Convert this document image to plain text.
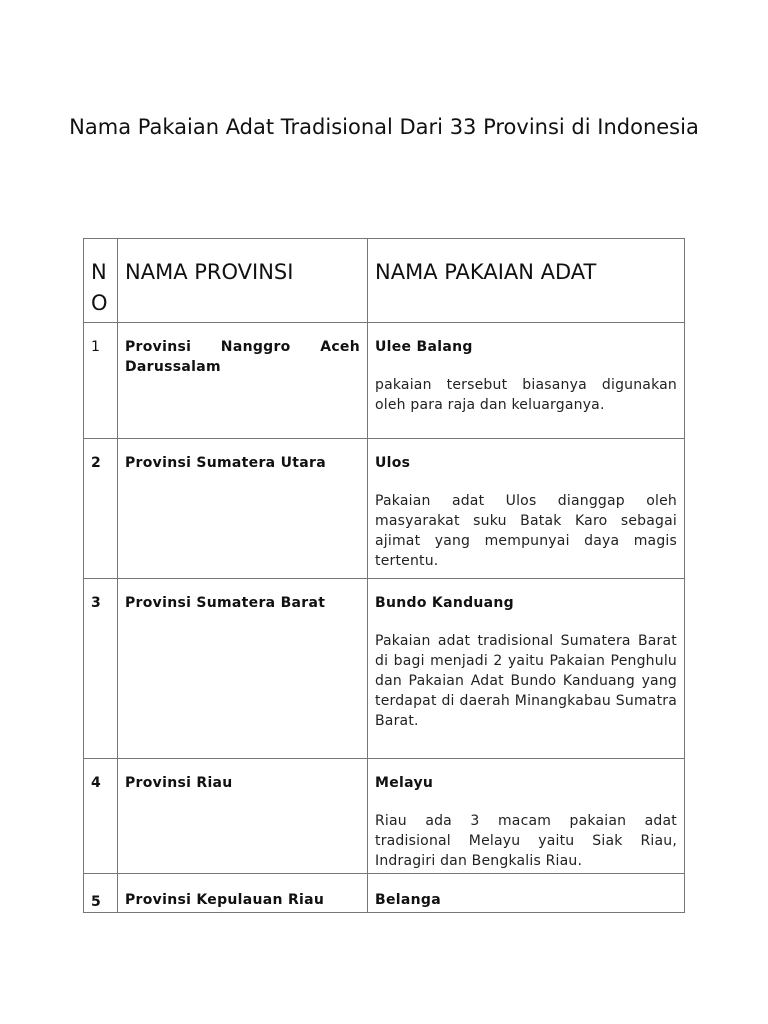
Nama Pakaian Adat Tradisional Dari 33 Provinsi di Indonesia
N O	NAMA PROVINSI	NAMA PAKAIAN ADAT
1	Provinsi Nanggro Aceh Darussalam	Ulee Balang
pakaian tersebut biasanya digunakan oleh para raja dan keluarganya.

2	Provinsi Sumatera Utara	Ulos
Pakaian adat Ulos dianggap oleh masyarakat suku Batak Karo sebagai ajimat yang mempunyai daya magis tertentu.

3	Provinsi Sumatera Barat	Bundo Kanduang
Pakaian adat tradisional Sumatera Barat di bagi menjadi 2 yaitu Pakaian Penghulu dan Pakaian Adat Bundo Kanduang yang terdapat di daerah Minangkabau Sumatra Barat.

4	Provinsi Riau	Melayu
Riau ada 3 macam pakaian adat tradisional Melayu yaitu Siak Riau, Indragiri dan Bengkalis Riau.

5	Provinsi Kepulauan Riau	Belanga
